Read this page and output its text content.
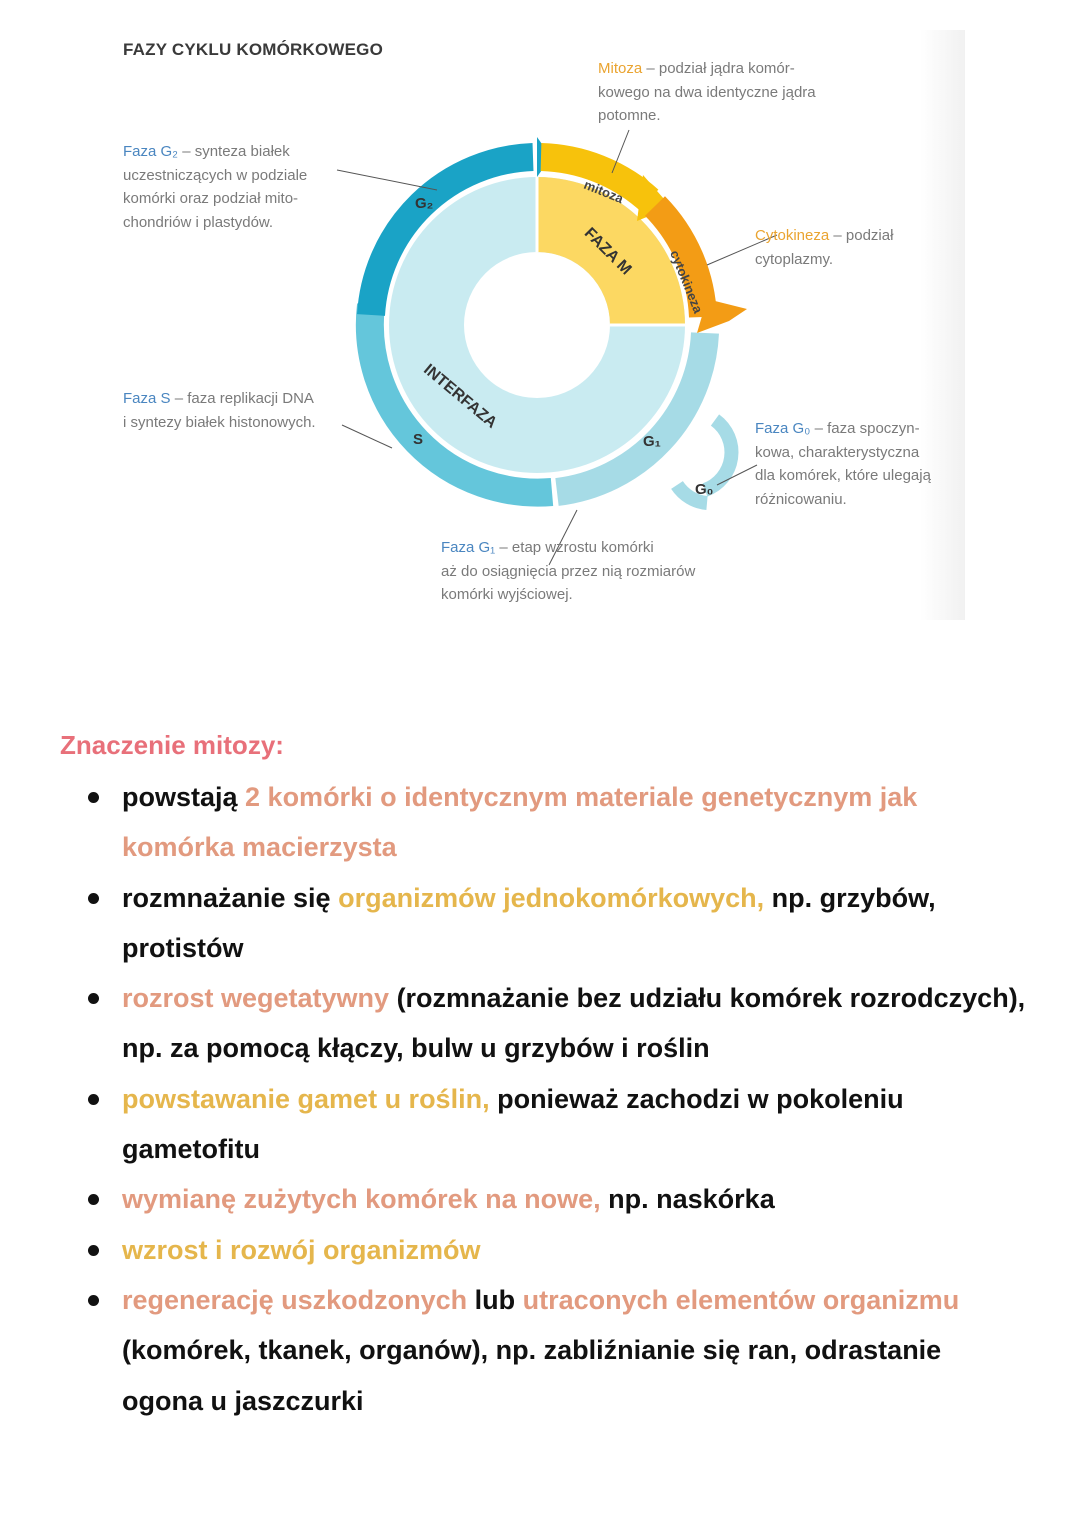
FAZY CYKLU KOMÓRKOWEGO
mitoza
cytokineza
FAZA M
INTERFAZA
G₂
S	G₁
G₀
Mitoza – podział jądra komór-
kowego na dwa identyczne jądra
potomne.
Faza G₂ – synteza białek
uczestniczących w podziale
komórki oraz podział mito-
chondriów i plastydów.
Cytokineza – podział
cytoplazmy.
Faza S – faza replikacji DNA
i syntezy białek histonowych.	Faza G₀ – faza spoczyn-
kowa, charakterystyczna
dla komórek, które ulegają
różnicowaniu.
Faza G₁ – etap wzrostu komórki
aż do osiągnięcia przez nią rozmiarów
komórki wyjściowej.
Znaczenie mitozy:
powstają 2 komórki o identycznym materiale genetycznym jak komórka macierzysta
rozmnażanie się organizmów jednokomórkowych, np. grzybów, protistów
rozrost wegetatywny (rozmnażanie bez udziału komórek rozrodczych), np. za pomocą kłączy, bulw u grzybów i roślin
powstawanie gamet u roślin, ponieważ zachodzi w pokoleniu gametofitu
wymianę zużytych komórek na nowe, np. naskórka
wzrost i rozwój organizmów
regenerację uszkodzonych lub utraconych elementów organizmu (komórek, tkanek, organów), np. zabliźnianie się ran, odrastanie ogona u jaszczurki
